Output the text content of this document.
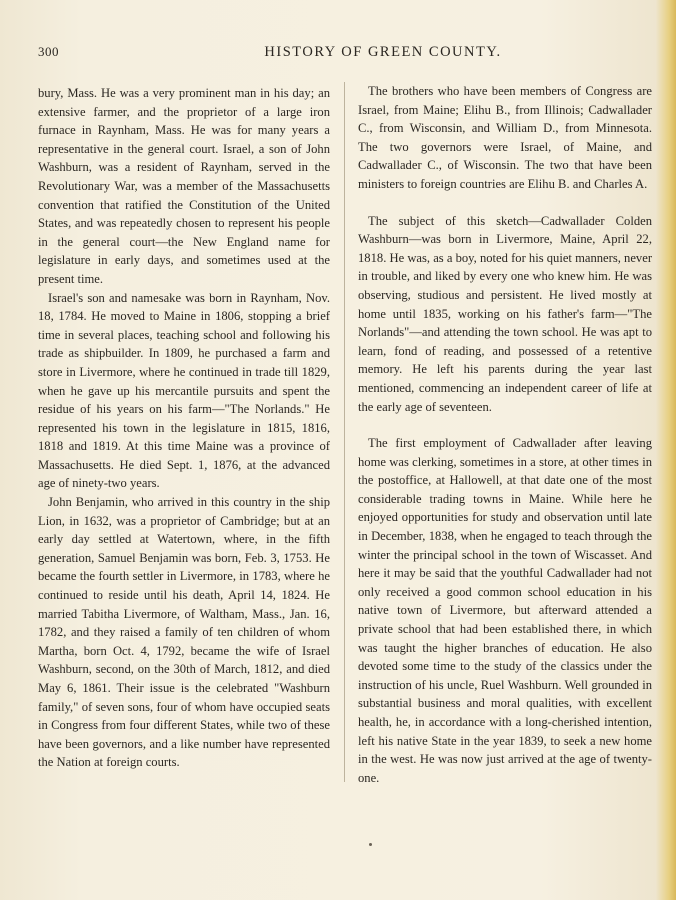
300	HISTORY OF GREEN COUNTY.

bury, Mass. He was a very prominent man in his day; an extensive farmer, and the proprietor of a large iron furnace in Raynham, Mass. He was for many years a representative in the general court. Israel, a son of John Washburn, was a resident of Raynham, served in the Revolutionary War, was a member of the Massachusetts convention that ratified the Constitution of the United States, and was repeatedly chosen to represent his people in the general court—the New England name for legislature in early days, and sometimes used at the present time.

Israel's son and namesake was born in Raynham, Nov. 18, 1784. He moved to Maine in 1806, stopping a brief time in several places, teaching school and following his trade as shipbuilder. In 1809, he purchased a farm and store in Livermore, where he continued in trade till 1829, when he gave up his mercantile pursuits and spent the residue of his years on his farm—"The Norlands." He represented his town in the legislature in 1815, 1816, 1818 and 1819. At this time Maine was a province of Massachusetts. He died Sept. 1, 1876, at the advanced age of ninety-two years.

John Benjamin, who arrived in this country in the ship Lion, in 1632, was a proprietor of Cambridge; but at an early day settled at Watertown, where, in the fifth generation, Samuel Benjamin was born, Feb. 3, 1753. He became the fourth settler in Livermore, in 1783, where he continued to reside until his death, April 14, 1824. He married Tabitha Livermore, of Waltham, Mass., Jan. 16, 1782, and they raised a family of ten children of whom Martha, born Oct. 4, 1792, became the wife of Israel Washburn, second, on the 30th of March, 1812, and died May 6, 1861. Their issue is the celebrated "Washburn family," of seven sons, four of whom have occupied seats in Congress from four different States, while two of these have been governors, and a like number have represented the Nation at foreign courts.

The brothers who have been members of Congress are Israel, from Maine; Elihu B., from Illinois; Cadwallader C., from Wisconsin, and William D., from Minnesota. The two governors were Israel, of Maine, and Cadwallader C., of Wisconsin. The two that have been ministers to foreign countries are Elihu B. and Charles A.

The subject of this sketch—Cadwallader Colden Washburn—was born in Livermore, Maine, April 22, 1818. He was, as a boy, noted for his quiet manners, never in trouble, and liked by every one who knew him. He was observing, studious and persistent. He lived mostly at home until 1835, working on his father's farm—"The Norlands"—and attending the town school. He was apt to learn, fond of reading, and possessed of a retentive memory. He left his parents during the year last mentioned, commencing an independent career of life at the early age of seventeen.

The first employment of Cadwallader after leaving home was clerking, sometimes in a store, at other times in the postoffice, at Hallowell, at that date one of the most considerable trading towns in Maine. While here he enjoyed opportunities for study and observation until late in December, 1838, when he engaged to teach through the winter the principal school in the town of Wiscasset. And here it may be said that the youthful Cadwallader had not only received a good common school education in his native town of Livermore, but afterward attended a private school that had been established there, in which was taught the higher branches of education. He also devoted some time to the study of the classics under the instruction of his uncle, Ruel Washburn. Well grounded in substantial business and moral qualities, with excellent health, he, in accordance with a long-cherished intention, left his native State in the year 1839, to seek a new home in the west. He was now just arrived at the age of twenty-one.
